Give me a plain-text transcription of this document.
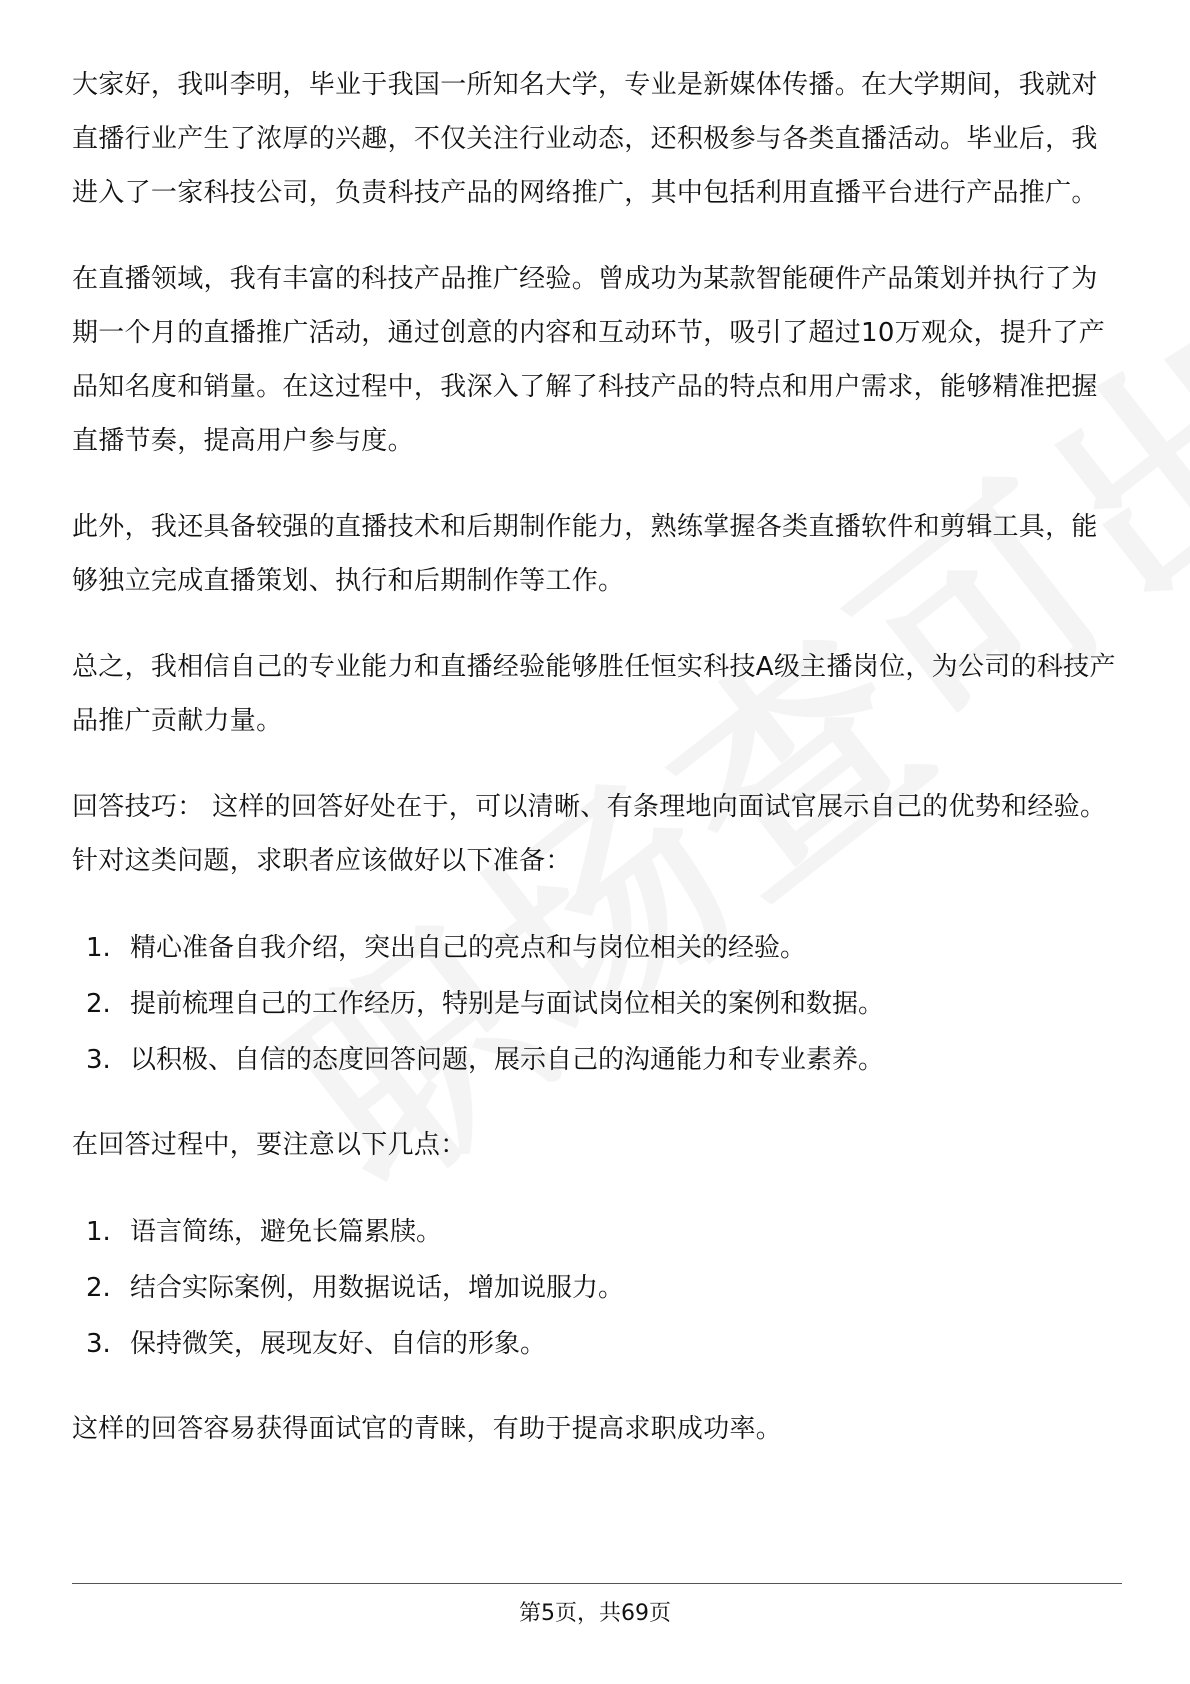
大家好，我叫李明，毕业于我国一所知名大学，专业是新媒体传播。在大学期间，我就对直播行业产生了浓厚的兴趣，不仅关注行业动态，还积极参与各类直播活动。毕业后，我进入了一家科技公司，负责科技产品的网络推广，其中包括利用直播平台进行产品推广。

在直播领域，我有丰富的科技产品推广经验。曾成功为某款智能硬件产品策划并执行了为期一个月的直播推广活动，通过创意的内容和互动环节，吸引了超过10万观众，提升了产品知名度和销量。在这过程中，我深入了解了科技产品的特点和用户需求，能够精准把握直播节奏，提高用户参与度。

此外，我还具备较强的直播技术和后期制作能力，熟练掌握各类直播软件和剪辑工具，能够独立完成直播策划、执行和后期制作等工作。

总之，我相信自己的专业能力和直播经验能够胜任恒实科技A级主播岗位，为公司的科技产品推广贡献力量。

回答技巧： 这样的回答好处在于，可以清晰、有条理地向面试官展示自己的优势和经验。针对这类问题，求职者应该做好以下准备：

1. 精心准备自我介绍，突出自己的亮点和与岗位相关的经验。
2. 提前梳理自己的工作经历，特别是与面试岗位相关的案例和数据。
3. 以积极、自信的态度回答问题，展示自己的沟通能力和专业素养。

在回答过程中，要注意以下几点：

1. 语言简练，避免长篇累牍。
2. 结合实际案例，用数据说话，增加说服力。
3. 保持微笑，展现友好、自信的形象。

这样的回答容易获得面试官的青睐，有助于提高求职成功率。

第5页，共69页
